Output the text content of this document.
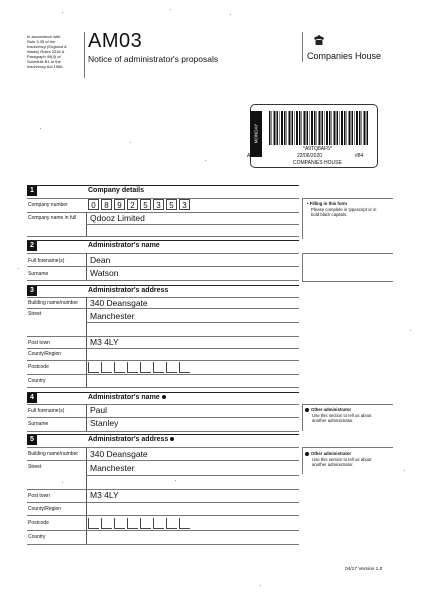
In accordance with
Rule 3.35 of the
Insolvency (England &
Wales) Rules 2016 &
Paragraph 49(4) of
Schedule B1 to the
Insolvency Act 1986
AM03
Notice of administrator's proposals	Companies House
MONDAY
*A9TQ8AF5*
A12	22/06/2020	#84
COMPANIES HOUSE
1	Company details
Company number	0	8	9	2	5	3	5	3
Company name in full Qdooz Limited
• Filling in this form
Please complete in typescript or in
bold black capitals.
2	Administrator's name
Full forename(s)	Dean
Surname	Watson
3	Administrator's address
Building name/number 340 Deansgate
Street	Manchester
Post town	M3 4LY
County/Region
Postcode
Country
4	Administrator's name
Full forename(s)	Paul
Surname	Stanley
Other administrator
Use this section to tell us about
another administrator.
5	Administrator's address
Building name/number 340 Deansgate
Street	Manchester
Post town	M3 4LY
County/Region
Postcode
Country
Other administrator
Use this section to tell us about
another administrator.
04/17 Version 1.0
